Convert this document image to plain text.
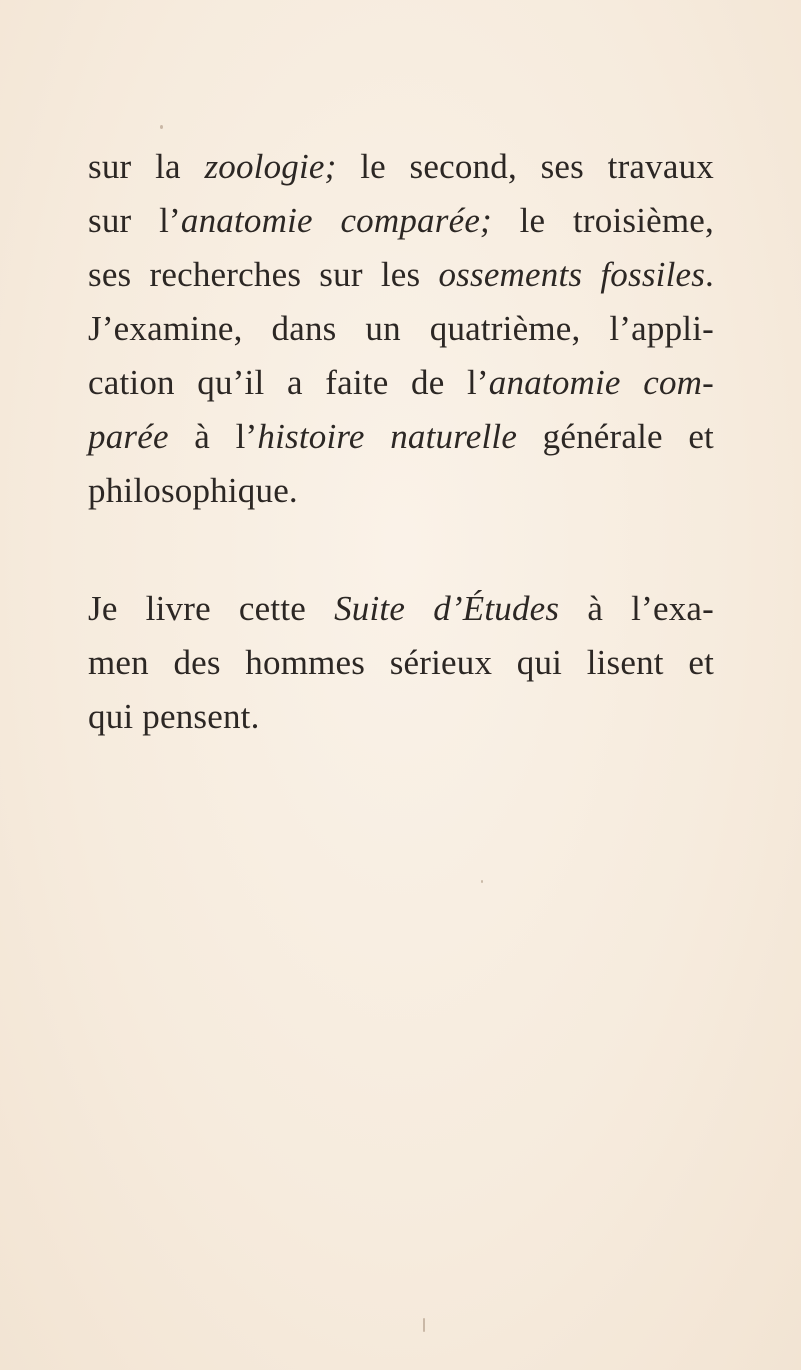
sur la zoologie; le second, ses travaux
sur l’anatomie comparée; le troisième,
ses recherches sur les ossements fossiles.
J’examine, dans un quatrième, l’appli-
cation qu’il a faite de l’anatomie com-
parée à l’histoire naturelle générale et
philosophique.
Je livre cette Suite d’Études à l’exa-
men des hommes sérieux qui lisent et
qui pensent.
